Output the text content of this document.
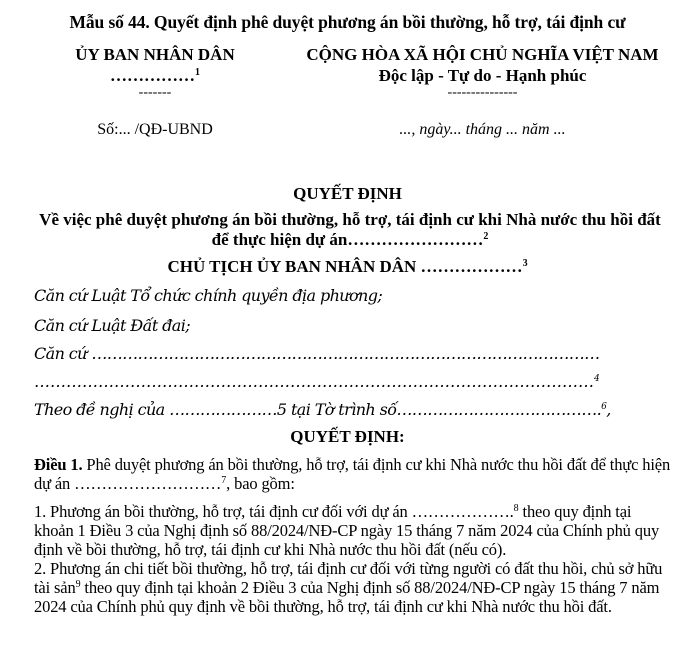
Mẫu số 44. Quyết định phê duyệt phương án bồi thường, hỗ trợ, tái định cư
ỦY BAN NHÂN DÂN
……………$^1$
-------
Số:... /QĐ-UBND
CỘNG HÒA XÃ HỘI CHỦ NGHĨA VIỆT NAM
Độc lập - Tự do - Hạnh phúc
---------------
..., ngày... tháng ... năm ...
QUYẾT ĐỊNH
Về việc phê duyệt phương án bồi thường, hỗ trợ, tái định cư khi Nhà nước thu hồi đất để thực hiện dự án……………………$^2$
CHỦ TỊCH ỦY BAN NHÂN DÂN ………………$^3$
Căn cứ Luật Tổ chức chính quyền địa phương;
Căn cứ Luật Đất đai;
Căn cứ ………………………………………………………………………………………
……………………………………………………………………………………………$^4$
Theo đề nghị của …………………5 tại Tờ trình số………………………………….$^6$,
QUYẾT ĐỊNH:
Điều 1. Phê duyệt phương án bồi thường, hỗ trợ, tái định cư khi Nhà nước thu hồi đất để thực hiện dự án ………………………$^7$, bao gồm:
1. Phương án bồi thường, hỗ trợ, tái định cư đối với dự án ……………….$^8$ theo quy định tại khoản 1 Điều 3 của Nghị định số 88/2024/NĐ-CP ngày 15 tháng 7 năm 2024 của Chính phủ quy định về bồi thường, hỗ trợ, tái định cư khi Nhà nước thu hồi đất (nếu có).
2. Phương án chi tiết bồi thường, hỗ trợ, tái định cư đối với từng người có đất thu hồi, chủ sở hữu tài sản$^9$ theo quy định tại khoản 2 Điều 3 của Nghị định số 88/2024/NĐ-CP ngày 15 tháng 7 năm 2024 của Chính phủ quy định về bồi thường, hỗ trợ, tái định cư khi Nhà nước thu hồi đất.
